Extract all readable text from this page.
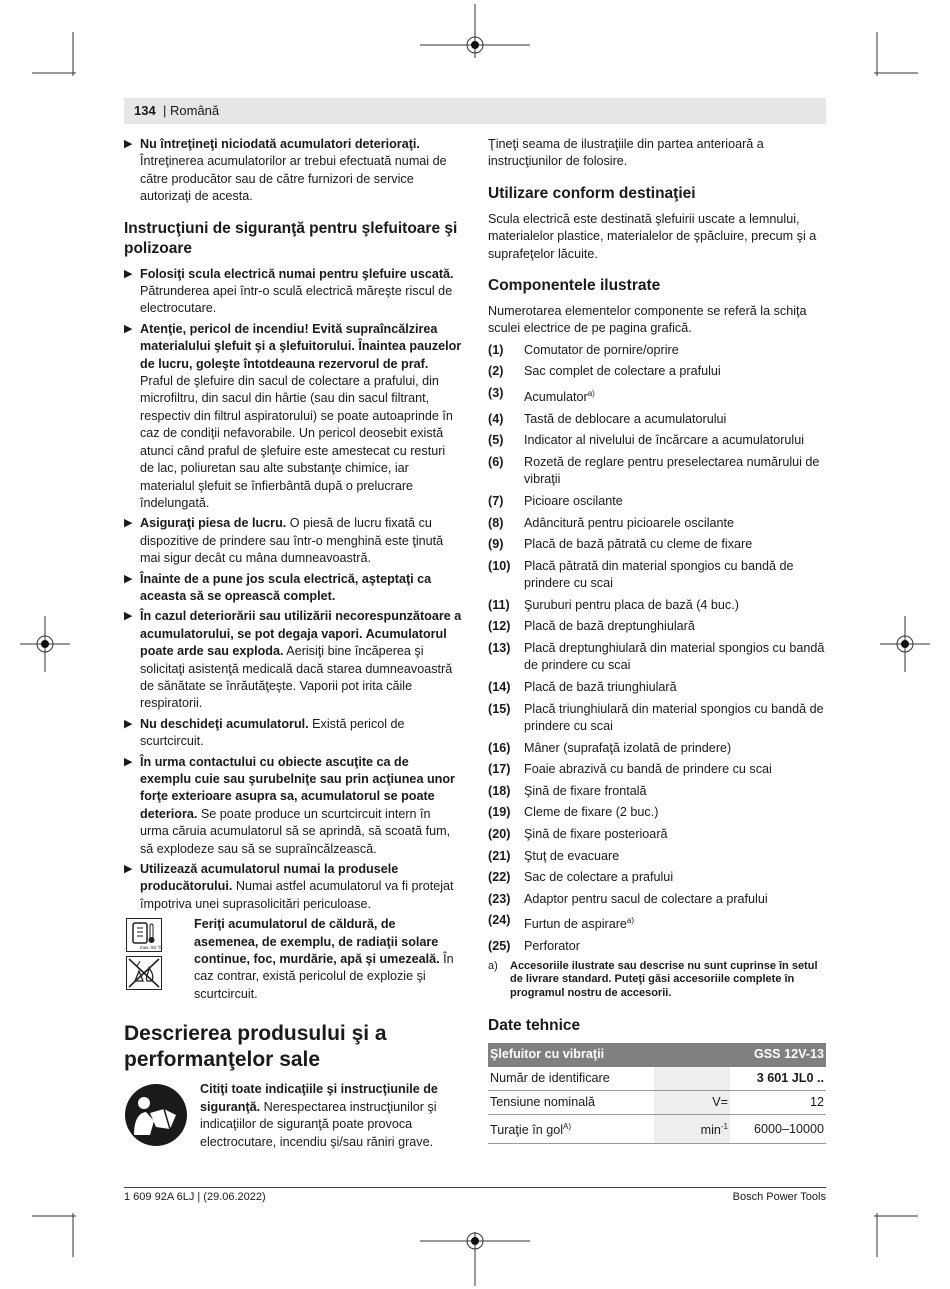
134 | Română
▶ Nu întreţineţi niciodată acumulatori deterioraţi. Întreţinerea acumulatorilor ar trebui efectuată numai de către producător sau de către furnizori de service autorizaţi de acesta.
Instrucţiuni de siguranţă pentru şlefuitoare şi polizoare
▶ Folosiţi scula electrică numai pentru şlefuire uscată. Pătrunderea apei într-o sculă electrică măreşte riscul de electrocutare.
▶ Atenţie, pericol de incendiu! Evită supraîncălzirea materialului şlefuit şi a şlefuitorului. Înaintea pauzelor de lucru, goleşte întotdeauna rezervorul de praf. Praful de şlefuire din sacul de colectare a prafului, din microfiltru, din sacul din hârtie (sau din sacul filtrant, respectiv din filtrul aspiratorului) se poate autoaprinde în caz de condiţii nefavorabile. Un pericol deosebit există atunci când praful de şlefuire este amestecat cu resturi de lac, poliuretan sau alte substanţe chimice, iar materialul şlefuit se înfierbântă după o prelucrare îndelungată.
▶ Asiguraţi piesa de lucru. O piesă de lucru fixată cu dispozitive de prindere sau într-o menghină este ţinută mai sigur decât cu mâna dumneavoastră.
▶ Înainte de a pune jos scula electrică, aşteptaţi ca aceasta să se oprească complet.
▶ În cazul deteriorării sau utilizării necorespunzătoare a acumulatorului, se pot degaja vapori. Acumulatorul poate arde sau exploda. Aerisiţi bine încăperea şi solicitaţi asistenţă medicală dacă starea dumneavoastră de sănătate se înrăutăţeşte. Vaporii pot irita căile respiratorii.
▶ Nu deschideţi acumulatorul. Există pericol de scurtcircuit.
▶ În urma contactului cu obiecte ascuţite ca de exemplu cuie sau şurubelniţe sau prin acţiunea unor forţe exterioare asupra sa, acumulatorul se poate deteriora. Se poate produce un scurtcircuit intern în urma căruia acumulatorul să se aprindă, să scoată fum, să explodeze sau să se supraîncălzească.
▶ Utilizează acumulatorul numai la produsele producătorului. Numai astfel acumulatorul va fi protejat împotriva unei suprasolicitări periculoase.
max. 50 °C
Feriţi acumulatorul de căldură, de asemenea, de exemplu, de radiaţii solare continue, foc, murdărie, apă şi umezeală. În caz contrar, există pericolul de explozie şi scurtcircuit.
Descrierea produsului şi a performanţelor sale
Citiţi toate indicaţiile şi instrucţiunile de siguranţă. Nerespectarea instrucţiunilor şi indicaţiilor de siguranţă poate provoca electrocutare, incendiu şi/sau răniri grave.

Ţineţi seama de ilustraţiile din partea anterioară a instrucţiunilor de folosire.

Utilizare conform destinaţiei

Scula electrică este destinată şlefuirii uscate a lemnului, materialelor plastice, materialelor de şpăcluire, precum şi a suprafeţelor lăcuite.

Componentele ilustrate

Numerotarea elementelor componente se referă la schiţa sculei electrice de pe pagina grafică.

(1)	Comutator de pornire/oprire
(2)	Sac complet de colectare a prafului
(3)	Acumulator$^{a)}$
(4)	Tastă de deblocare a acumulatorului
(5)	Indicator al nivelului de încărcare a acumulatorului
(6)	Rozetă de reglare pentru preselectarea numărului de vibraţii
(7)	Picioare oscilante
(8)	Adâncitură pentru picioarele oscilante
(9)	Placă de bază pătrată cu cleme de fixare
(10)	Placă pătrată din material spongios cu bandă de prindere cu scai
(11)	Şuruburi pentru placa de bază (4 buc.)
(12)	Placă de bază dreptunghiulară
(13)	Placă dreptunghiulară din material spongios cu bandă de prindere cu scai
(14)	Placă de bază triunghiulară
(15)	Placă triunghiulară din material spongios cu bandă de prindere cu scai
(16)	Mâner (suprafaţă izolată de prindere)
(17)	Foaie abrazivă cu bandă de prindere cu scai
(18)	Şină de fixare frontală
(19)	Cleme de fixare (2 buc.)
(20)	Şină de fixare posterioară
(21)	Ştuţ de evacuare
(22)	Sac de colectare a prafului
(23)	Adaptor pentru sacul de colectare a prafului
(24)	Furtun de aspirare$^{a)}$
(25)	Perforator
a)	Accesoriile ilustrate sau descrise nu sunt cuprinse în setul de livrare standard. Puteţi găsi accesoriile complete în programul nostru de accesorii.
Date tehnice
Şlefuitor cu vibraţii		GSS 12V-13
Număr de identificare		3 601 JL0 ..
Tensiune nominală	V=	12
Turaţie în gol$^{A)}$	$\min^{-1}$	6000–10000
1 609 92A 6LJ | (29.06.2022)	Bosch Power Tools
